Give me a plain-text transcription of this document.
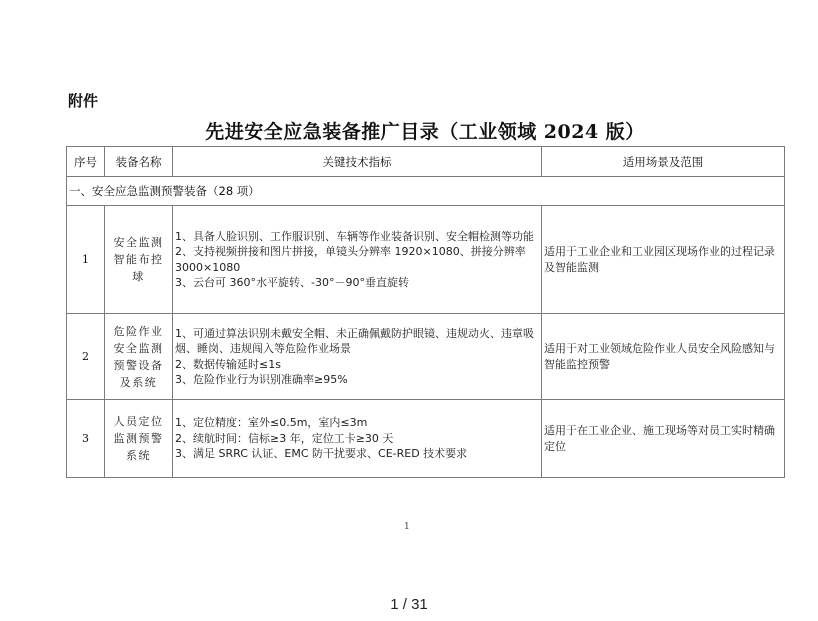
附件
先进安全应急装备推广目录（工业领域 2024 版）
序号	装备名称	关键技术指标	适用场景及范围
一、安全应急监测预警装备（28 项）			
1	安全监测智能布控球	1、具备人脸识别、工作服识别、车辆等作业装备识别、安全帽检测等功能
2、支持视频拼接和图片拼接，单镜头分辨率 1920×1080、拼接分辨率 3000×1080
3、云台可 360°水平旋转、-30°－90°垂直旋转	适用于工业企业和工业园区现场作业的过程记录及智能监测
2	危险作业安全监测预警设备及系统	1、可通过算法识别未戴安全帽、未正确佩戴防护眼镜、违规动火、违章吸烟、睡岗、违规闯入等危险作业场景
2、数据传输延时≤1s
3、危险作业行为识别准确率≥95%	适用于对工业领域危险作业人员安全风险感知与智能监控预警
3	人员定位监测预警系统	1、定位精度：室外≤0.5m，室内≤3m
2、续航时间：信标≥3 年，定位工卡≥30 天
3、满足 SRRC 认证、EMC 防干扰要求、CE-RED 技术要求	适用于在工业企业、施工现场等对员工实时精确定位
1
1 / 31
